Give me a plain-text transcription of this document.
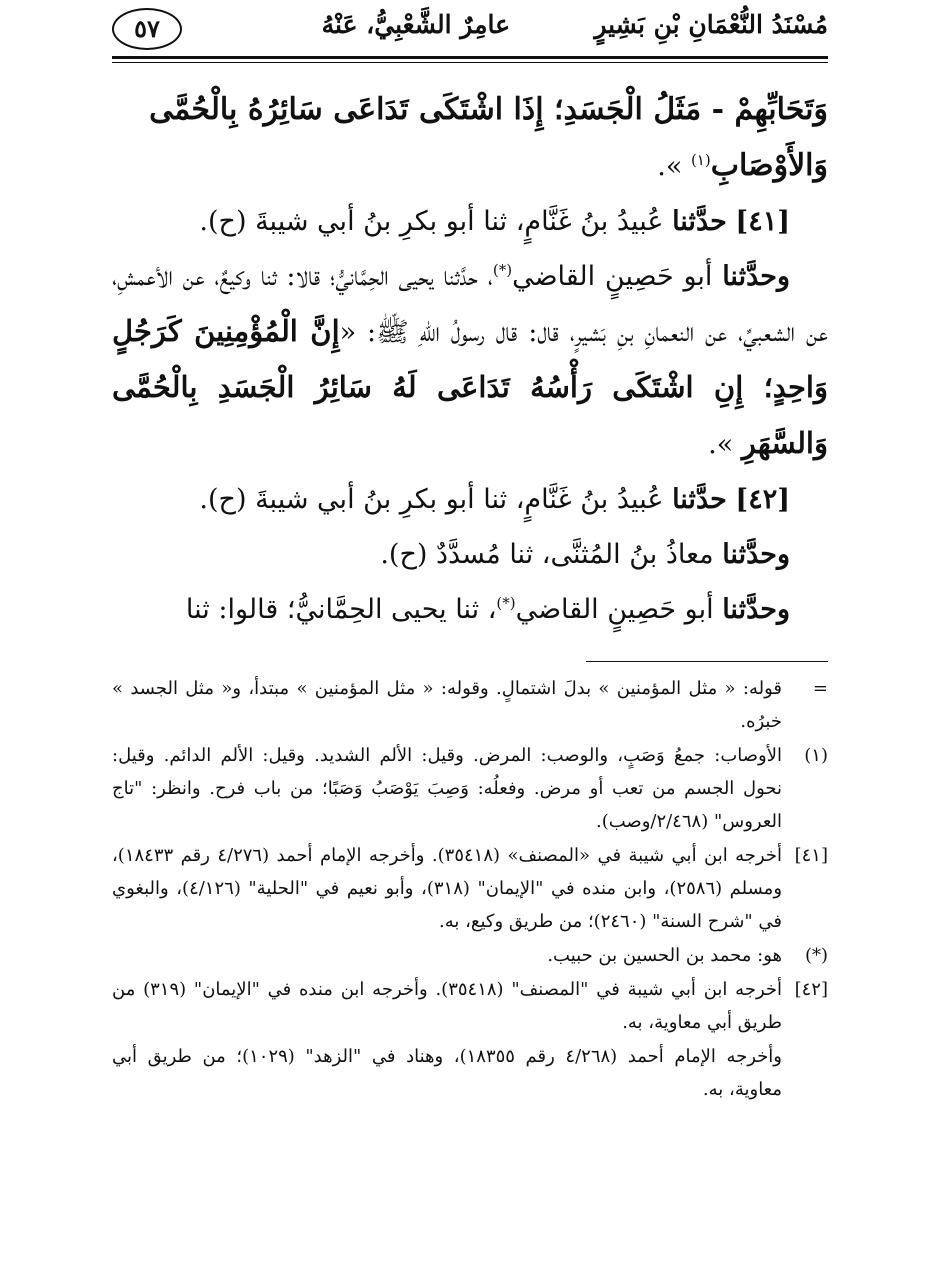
مُسْنَدُ النُّعْمَانِ بْنِ بَشِيرٍ
عامِرٌ الشَّعْبِيُّ، عَنْهُ
٥٧

وَتَحَابِّهِمْ - مَثَلُ الْجَسَدِ؛ إِذَا اشْتَكَى تَدَاعَى سَائِرُهُ بِالْحُمَّى
وَالأَوْصَابِ$^{(١)}$ ».

[٤١] حدَّثنا عُبيدُ بنُ غَنَّامٍ، ثنا أبو بكرِ بنُ أبي شيبةَ (ح).

وحدَّثنا أبو حَصِينٍ القاضي(*)، حدَّثنا يحيى الحِمَّانيُّ؛ قالا: ثنا وكيعٌ، عن الأعمشِ، عن الشعبيِّ، عن النعمانِ بنِ بَشيرٍ، قال: قال رسولُ اللهِ ﷺ: «إِنَّ الْمُؤْمِنِينَ كَرَجُلٍ وَاحِدٍ؛ إِنِ اشْتَكَى رَأْسُهُ تَدَاعَى لَهُ سَائِرُ الْجَسَدِ بِالْحُمَّى وَالسَّهَرِ ».

[٤٢] حدَّثنا عُبيدُ بنُ غَنَّامٍ، ثنا أبو بكرِ بنُ أبي شيبةَ (ح).

وحدَّثنا معاذُ بنُ المُثنَّى، ثنا مُسدَّدٌ (ح).

وحدَّثنا أبو حَصِينٍ القاضي(*)، ثنا يحيى الحِمَّانيُّ؛ قالوا: ثنا

=
قوله: « مثل المؤمنين » بدلَ اشتمالٍ. وقوله: « مثل المؤمنين » مبتدأ، و« مثل الجسد » خبرُه.

(١)
الأوصاب: جمعُ وَصَبٍ، والوصب: المرض. وقيل: الألم الشديد. وقيل: الألم الدائم. وقيل: نحول الجسم من تعب أو مرض. وفعلُه: وَصِبَ يَوْصَبُ وَصَبًا؛ من باب فرح. وانظر: "تاج العروس" (٢/٤٦٨/وصب).

[٤١]
أخرجه ابن أبي شيبة في «المصنف» (٣٥٤١٨). وأخرجه الإمام أحمد (٤/٢٧٦ رقم ١٨٤٣٣)، ومسلم (٢٥٨٦)، وابن منده في "الإيمان" (٣١٨)، وأبو نعيم في "الحلية" (٤/١٢٦)، والبغوي في "شرح السنة" (٢٤٦٠)؛ من طريق وكيع، به.

(*)
هو: محمد بن الحسين بن حبيب.

[٤٢]
أخرجه ابن أبي شيبة في "المصنف" (٣٥٤١٨). وأخرجه ابن منده في "الإيمان" (٣١٩) من طريق أبي معاوية، به.

وأخرجه الإمام أحمد (٤/٢٦٨ رقم ١٨٣٥٥)، وهناد في "الزهد" (١٠٢٩)؛ من طريق أبي معاوية، به.
